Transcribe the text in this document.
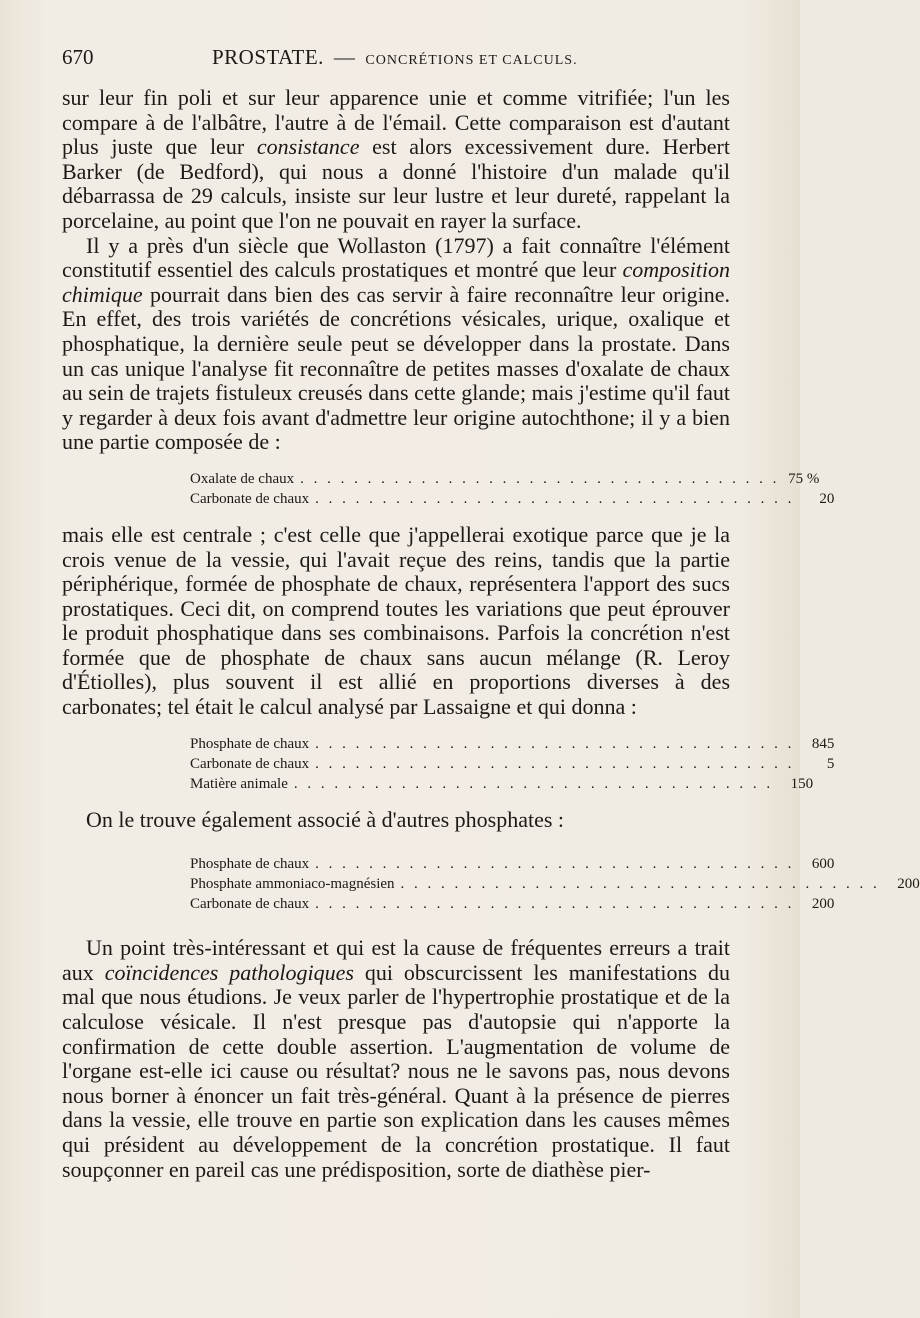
670	PROSTATE. — CONCRÉTIONS ET CALCULS.

sur leur fin poli et sur leur apparence unie et comme vitrifiée; l'un les compare à de l'albâtre, l'autre à de l'émail. Cette comparaison est d'autant plus juste que leur consistance est alors excessivement dure. Herbert Barker (de Bedford), qui nous a donné l'histoire d'un malade qu'il débarrassa de 29 calculs, insiste sur leur lustre et leur dureté, rappelant la porcelaine, au point que l'on ne pouvait en rayer la surface.

Il y a près d'un siècle que Wollaston (1797) a fait connaître l'élément constitutif essentiel des calculs prostatiques et montré que leur composition chimique pourrait dans bien des cas servir à faire reconnaître leur origine. En effet, des trois variétés de concrétions vésicales, urique, oxalique et phosphatique, la dernière seule peut se développer dans la prostate. Dans un cas unique l'analyse fit reconnaître de petites masses d'oxalate de chaux au sein de trajets fistuleux creusés dans cette glande; mais j'estime qu'il faut y regarder à deux fois avant d'admettre leur origine autochthone; il y a bien une partie composée de :

Oxalate de chaux . . . . . . . . . . . . . . . . . . . . . . . . . . . . . . . . . . . . 75 %
Carbonate de chaux . . . . . . . . . . . . . . . . . . . . . . . . . . . . . . . . . . . .	20

mais elle est centrale ; c'est celle que j'appellerai exotique parce que je la crois venue de la vessie, qui l'avait reçue des reins, tandis que la partie périphérique, formée de phosphate de chaux, représentera l'apport des sucs prostatiques. Ceci dit, on comprend toutes les variations que peut éprouver le produit phosphatique dans ses combinaisons. Parfois la concrétion n'est formée que de phosphate de chaux sans aucun mélange (R. Leroy d'Étiolles), plus souvent il est allié en proportions diverses à des carbonates; tel était le calcul analysé par Lassaigne et qui donna :

Phosphate de chaux . . . . . . . . . . . . . . . . . . . . . . . . . . . . . . . . . . . .	845
Carbonate de chaux . . . . . . . . . . . . . . . . . . . . . . . . . . . . . . . . . . . .	5
Matière animale . . . . . . . . . . . . . . . . . . . . . . . . . . . . . . . . . . . .	150

On le trouve également associé à d'autres phosphates :

Phosphate de chaux . . . . . . . . . . . . . . . . . . . . . . . . . . . . . . . . . . . .	600
Phosphate ammoniaco-magnésien . . . . . . . . . . . . . . . . . . . . . . . . . . . . . . . . . . . .	200
Carbonate de chaux . . . . . . . . . . . . . . . . . . . . . . . . . . . . . . . . . . . .	200

Un point très-intéressant et qui est la cause de fréquentes erreurs a trait aux coïncidences pathologiques qui obscurcissent les manifestations du mal que nous étudions. Je veux parler de l'hypertrophie prostatique et de la calculose vésicale. Il n'est presque pas d'autopsie qui n'apporte la confirmation de cette double assertion. L'augmentation de volume de l'organe est-elle ici cause ou résultat? nous ne le savons pas, nous devons nous borner à énoncer un fait très-général. Quant à la présence de pierres dans la vessie, elle trouve en partie son explication dans les causes mêmes qui président au développement de la concrétion prostatique. Il faut soupçonner en pareil cas une prédisposition, sorte de diathèse pier-
